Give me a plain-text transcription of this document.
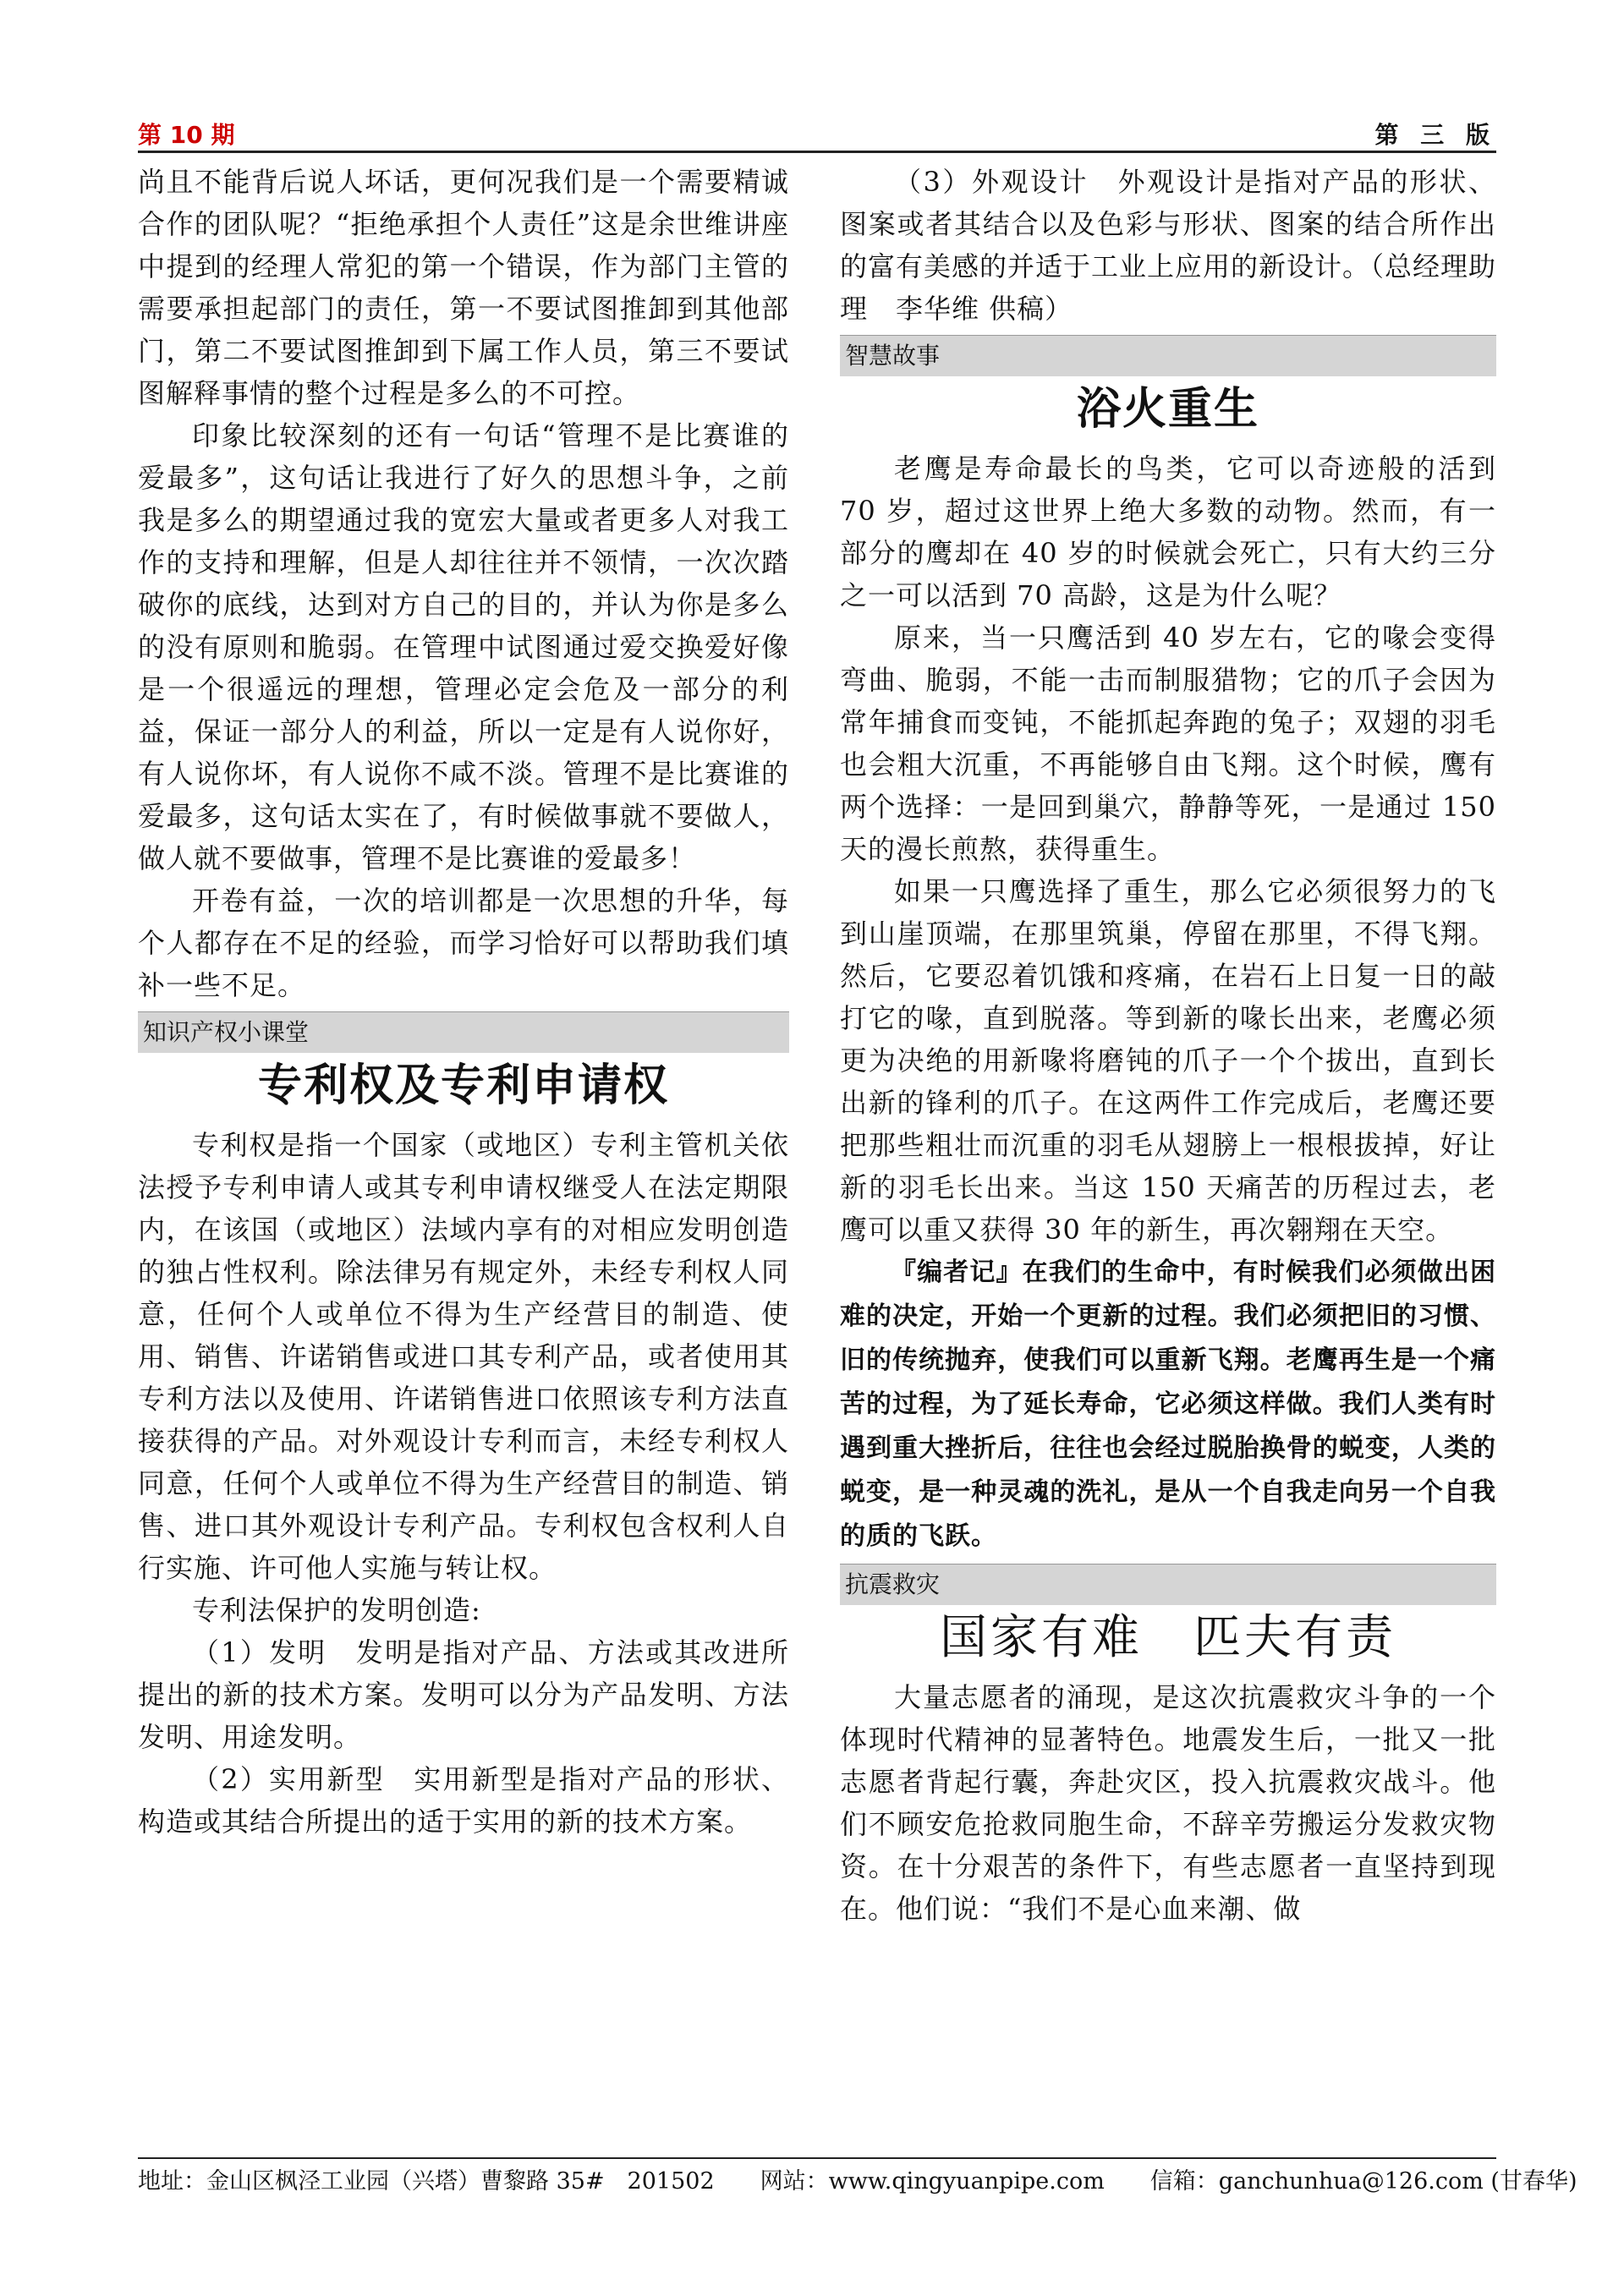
第 10 期	第 三 版

尚且不能背后说人坏话，更何况我们是一个需要精诚合作的团队呢？“拒绝承担个人责任”这是余世维讲座中提到的经理人常犯的第一个错误，作为部门主管的需要承担起部门的责任，第一不要试图推卸到其他部门，第二不要试图推卸到下属工作人员，第三不要试图解释事情的整个过程是多么的不可控。

印象比较深刻的还有一句话“管理不是比赛谁的爱最多”，这句话让我进行了好久的思想斗争，之前我是多么的期望通过我的宽宏大量或者更多人对我工作的支持和理解，但是人却往往并不领情，一次次踏破你的底线，达到对方自己的目的，并认为你是多么的没有原则和脆弱。在管理中试图通过爱交换爱好像是一个很遥远的理想，管理必定会危及一部分的利益，保证一部分人的利益，所以一定是有人说你好，有人说你坏，有人说你不咸不淡。管理不是比赛谁的爱最多，这句话太实在了，有时候做事就不要做人，做人就不要做事，管理不是比赛谁的爱最多！

开卷有益，一次的培训都是一次思想的升华，每个人都存在不足的经验，而学习恰好可以帮助我们填补一些不足。

知识产权小课堂
专利权及专利申请权

专利权是指一个国家（或地区）专利主管机关依法授予专利申请人或其专利申请权继受人在法定期限内，在该国（或地区）法域内享有的对相应发明创造的独占性权利。除法律另有规定外，未经专利权人同意，任何个人或单位不得为生产经营目的制造、使用、销售、许诺销售或进口其专利产品，或者使用其专利方法以及使用、许诺销售进口依照该专利方法直接获得的产品。对外观设计专利而言，未经专利权人同意，任何个人或单位不得为生产经营目的制造、销售、进口其外观设计专利产品。专利权包含权利人自行实施、许可他人实施与转让权。

专利法保护的发明创造:

（1）发明　发明是指对产品、方法或其改进所提出的新的技术方案。发明可以分为产品发明、方法发明、用途发明。

（2）实用新型　实用新型是指对产品的形状、构造或其结合所提出的适于实用的新的技术方案。

（3）外观设计　外观设计是指对产品的形状、图案或者其结合以及色彩与形状、图案的结合所作出的富有美感的并适于工业上应用的新设计。（总经理助理　李华维 供稿）

智慧故事
浴火重生

老鹰是寿命最长的鸟类，它可以奇迹般的活到 70 岁，超过这世界上绝大多数的动物。然而，有一部分的鹰却在 40 岁的时候就会死亡，只有大约三分之一可以活到 70 高龄，这是为什么呢？

原来，当一只鹰活到 40 岁左右，它的喙会变得弯曲、脆弱，不能一击而制服猎物；它的爪子会因为常年捕食而变钝，不能抓起奔跑的兔子；双翅的羽毛也会粗大沉重，不再能够自由飞翔。这个时候，鹰有两个选择：一是回到巢穴，静静等死，一是通过 150 天的漫长煎熬，获得重生。

如果一只鹰选择了重生，那么它必须很努力的飞到山崖顶端，在那里筑巢，停留在那里，不得飞翔。然后，它要忍着饥饿和疼痛，在岩石上日复一日的敲打它的喙，直到脱落。等到新的喙长出来，老鹰必须更为决绝的用新喙将磨钝的爪子一个个拔出，直到长出新的锋利的爪子。在这两件工作完成后，老鹰还要把那些粗壮而沉重的羽毛从翅膀上一根根拔掉，好让新的羽毛长出来。当这 150 天痛苦的历程过去，老鹰可以重又获得 30 年的新生，再次翱翔在天空。

『编者记』在我们的生命中，有时候我们必须做出困难的决定，开始一个更新的过程。我们必须把旧的习惯、旧的传统抛弃，使我们可以重新飞翔。老鹰再生是一个痛苦的过程，为了延长寿命，它必须这样做。我们人类有时遇到重大挫折后，往往也会经过脱胎换骨的蜕变，人类的蜕变，是一种灵魂的洗礼，是从一个自我走向另一个自我的质的飞跃。
抗震救灾
国家有难　匹夫有责

大量志愿者的涌现，是这次抗震救灾斗争的一个体现时代精神的显著特色。地震发生后，一批又一批志愿者背起行囊，奔赴灾区，投入抗震救灾战斗。他们不顾安危抢救同胞生命，不辞辛劳搬运分发救灾物资。在十分艰苦的条件下，有些志愿者一直坚持到现在。他们说：“我们不是心血来潮、做

地址：金山区枫泾工业园（兴塔）曹黎路 35#　201502　　网站：www.qingyuanpipe.com　　信箱：ganchunhua@126.com (甘春华)
